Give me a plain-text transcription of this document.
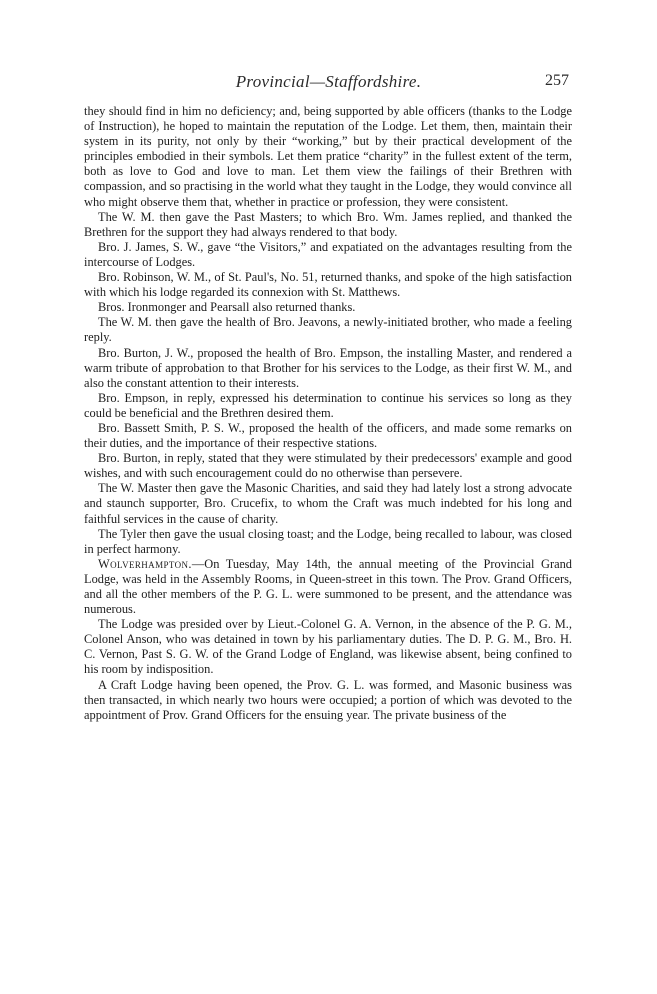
Provincial—Staffordshire.	257

they should find in him no deficiency; and, being supported by able officers (thanks to the Lodge of Instruction), he hoped to maintain the reputation of the Lodge. Let them, then, maintain their system in its purity, not only by their “working,” but by their practical development of the principles embodied in their symbols. Let them pratice “charity” in the fullest extent of the term, both as love to God and love to man. Let them view the failings of their Brethren with compassion, and so practising in the world what they taught in the Lodge, they would convince all who might observe them that, whether in practice or profession, they were consistent.

The W. M. then gave the Past Masters; to which Bro. Wm. James replied, and thanked the Brethren for the support they had always rendered to that body.

Bro. J. James, S. W., gave “the Visitors,” and expatiated on the advantages resulting from the intercourse of Lodges.

Bro. Robinson, W. M., of St. Paul's, No. 51, returned thanks, and spoke of the high satisfaction with which his lodge regarded its connexion with St. Matthews.

Bros. Ironmonger and Pearsall also returned thanks.

The W. M. then gave the health of Bro. Jeavons, a newly-initiated brother, who made a feeling reply.

Bro. Burton, J. W., proposed the health of Bro. Empson, the installing Master, and rendered a warm tribute of approbation to that Brother for his services to the Lodge, as their first W. M., and also the constant attention to their interests.

Bro. Empson, in reply, expressed his determination to continue his services so long as they could be beneficial and the Brethren desired them.

Bro. Bassett Smith, P. S. W., proposed the health of the officers, and made some remarks on their duties, and the importance of their respective stations.

Bro. Burton, in reply, stated that they were stimulated by their predecessors' example and good wishes, and with such encouragement could do no otherwise than persevere.

The W. Master then gave the Masonic Charities, and said they had lately lost a strong advocate and staunch supporter, Bro. Crucefix, to whom the Craft was much indebted for his long and faithful services in the cause of charity.

The Tyler then gave the usual closing toast; and the Lodge, being recalled to labour, was closed in perfect harmony.

Wolverhampton.—On Tuesday, May 14th, the annual meeting of the Provincial Grand Lodge, was held in the Assembly Rooms, in Queen-street in this town. The Prov. Grand Officers, and all the other members of the P. G. L. were summoned to be present, and the attendance was numerous.

The Lodge was presided over by Lieut.-Colonel G. A. Vernon, in the absence of the P. G. M., Colonel Anson, who was detained in town by his parliamentary duties. The D. P. G. M., Bro. H. C. Vernon, Past S. G. W. of the Grand Lodge of England, was likewise absent, being confined to his room by indisposition.

A Craft Lodge having been opened, the Prov. G. L. was formed, and Masonic business was then transacted, in which nearly two hours were occupied; a portion of which was devoted to the appointment of Prov. Grand Officers for the ensuing year. The private business of the
